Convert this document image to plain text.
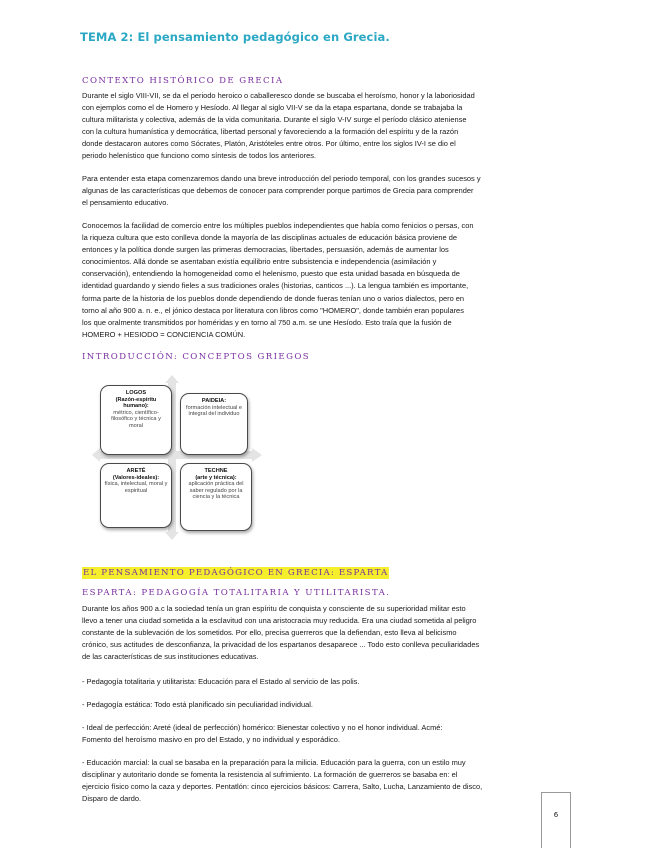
TEMA 2: El pensamiento pedagógico en Grecia.
CONTEXTO HISTÓRICO DE GRECIA
Durante el siglo VIII-VII, se da el periodo heroico o caballeresco donde se buscaba el heroísmo, honor y la laboriosidad
con ejemplos como el de Homero y Hesíodo. Al llegar al siglo VII-V se da la etapa espartana, donde se trabajaba la
cultura militarista y colectiva, además de la vida comunitaria. Durante el siglo V-IV surge el período clásico ateniense
con la cultura humanística y democrática, libertad personal y favoreciendo a la formación del espíritu y de la razón
donde destacaron autores como Sócrates, Platón, Aristóteles entre otros. Por último, entre los siglos IV-I se dio el
periodo helenístico que funciono como síntesis de todos los anteriores.
Para entender esta etapa comenzaremos dando una breve introducción del periodo temporal, con los grandes sucesos y
algunas de las características que debemos de conocer para comprender porque partimos de Grecia para comprender
el pensamiento educativo.
Conocemos la facilidad de comercio entre los múltiples pueblos independientes que había como fenicios o persas, con
la riqueza cultura que esto conlleva donde la mayoría de las disciplinas actuales de educación básica proviene de
entonces y la política donde surgen las primeras democracias, libertades, persuasión, además de aumentar los
conocimientos. Allá donde se asentaban existía equilibrio entre subsistencia e independencia (asimilación y
conservación), entendiendo la homogeneidad como el helenismo, puesto que esta unidad basada en búsqueda de
identidad guardando y siendo fieles a sus tradiciones orales (historias, canticos ...). La lengua también es importante,
forma parte de la historia de los pueblos donde dependiendo de donde fueras tenían uno o varios dialectos, pero en
torno al año 900 a. n. e., el jónico destaca por literatura con libros como "HOMERO", donde también eran populares
los que oralmente transmitidos por homéridas y en torno al 750 a.m. se une Hesíodo. Esto traía que la fusión de
HOMERO + HESIODO = CONCIENCIA COMÚN.
INTRODUCCIÓN: CONCEPTOS GRIEGOS
LOGOS
(Razón-espíritu humano):
métrico, científico-filosófico y técnica y moral
PAIDEIA:
formación intelectual e integral del individuo
ARETÉ
(Valores-ideales):
física, intelectual, moral y espiritual
TECHNE
(arte y técnica):
aplicación práctica del saber regulado por la ciencia y la técnica
EL PENSAMIENTO PEDAGÓGICO EN GRECIA: ESPARTA
ESPARTA: PEDAGOGÍA TOTALITARIA Y UTILITARISTA.
Durante los años 900 a.c la sociedad tenía un gran espíritu de conquista y consciente de su superioridad militar esto
llevo a tener una ciudad sometida a la esclavitud con una aristocracia muy reducida. Era una ciudad sometida al peligro
constante de la sublevación de los sometidos. Por ello, precisa guerreros que la defiendan, esto lleva al belicismo
crónico, sus actitudes de desconfianza, la privacidad de los espartanos desaparece ... Todo esto conlleva peculiaridades
de las características de sus instituciones educativas.
- Pedagogía totalitaria y utilitarista: Educación para el Estado al servicio de las polis.
- Pedagogía estática: Todo está planificado sin peculiaridad individual.
- Ideal de perfección: Areté (ideal de perfección) homérico: Bienestar colectivo y no el honor individual. Acmé:
Fomento del heroísmo masivo en pro del Estado, y no individual y esporádico.
- Educación marcial: la cual se basaba en la preparación para la milicia. Educación para la guerra, con un estilo muy
disciplinar y autoritario donde se fomenta la resistencia al sufrimiento. La formación de guerreros se basaba en: el
ejercicio físico como la caza y deportes. Pentatlón: cinco ejercicios básicos: Carrera, Salto, Lucha, Lanzamiento de disco,
Disparo de dardo.
6
